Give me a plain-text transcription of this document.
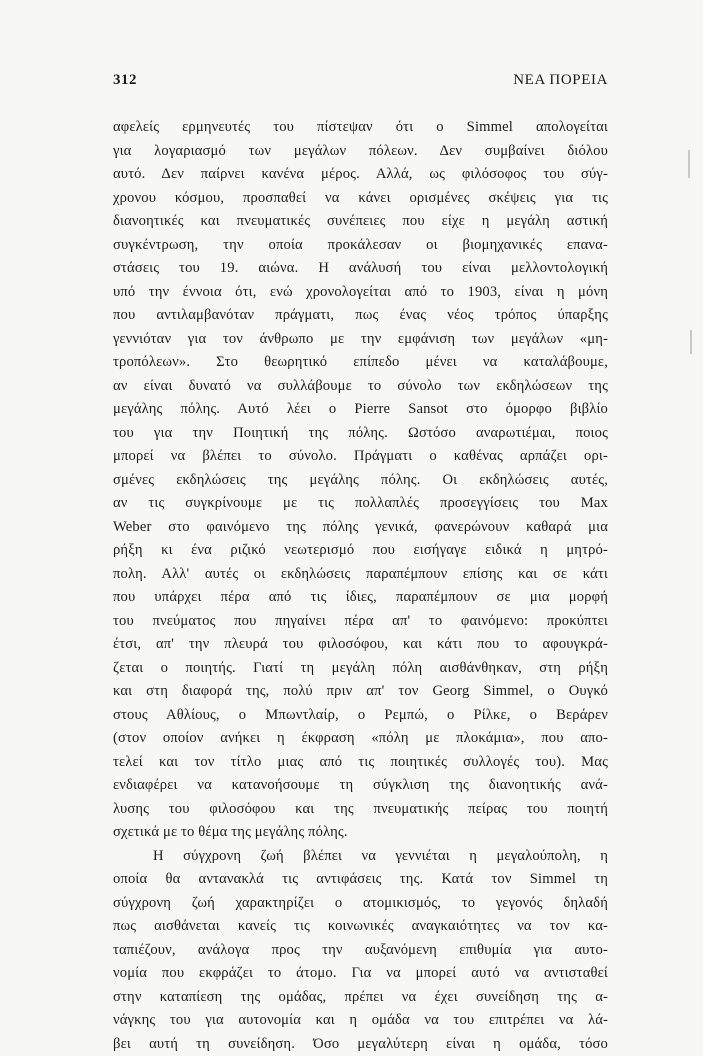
312	ΝΕΑ ΠΟΡΕΙΑ
αφελείς ερμηνευτές του πίστεψαν ότι ο Simmel απολογείται
για λογαριασμό των μεγάλων πόλεων. Δεν συμβαίνει διόλου
αυτό. Δεν παίρνει κανένα μέρος. Αλλά, ως φιλόσοφος του σύγ-
χρονου κόσμου, προσπαθεί να κάνει ορισμένες σκέψεις για τις
διανοητικές και πνευματικές συνέπειες που είχε η μεγάλη αστική
συγκέντρωση, την οποία προκάλεσαν οι βιομηχανικές επανα-
στάσεις του 19. αιώνα. Η ανάλυσή του είναι μελλοντολογική
υπό την έννοια ότι, ενώ χρονολογείται από το 1903, είναι η μόνη
που αντιλαμβανόταν πράγματι, πως ένας νέος τρόπος ύπαρξης
γεννιόταν για τον άνθρωπο με την εμφάνιση των μεγάλων «μη-
τροπόλεων». Στο θεωρητικό επίπεδο μένει να καταλάβουμε,
αν είναι δυνατό να συλλάβουμε το σύνολο των εκδηλώσεων της
μεγάλης πόλης. Αυτό λέει ο Pierre Sansot στο όμορφο βιβλίο
του για την Ποιητική της πόλης. Ωστόσο αναρωτιέμαι, ποιος
μπορεί να βλέπει το σύνολο. Πράγματι ο καθένας αρπάζει ορι-
σμένες εκδηλώσεις της μεγάλης πόλης. Οι εκδηλώσεις αυτές,
αν τις συγκρίνουμε με τις πολλαπλές προσεγγίσεις του Max
Weber στο φαινόμενο της πόλης γενικά, φανερώνουν καθαρά μια
ρήξη κι ένα ριζικό νεωτερισμό που εισήγαγε ειδικά η μητρό-
πολη. Αλλ' αυτές οι εκδηλώσεις παραπέμπουν επίσης και σε κάτι
που υπάρχει πέρα από τις ίδιες, παραπέμπουν σε μια μορφή
του πνεύματος που πηγαίνει πέρα απ' το φαινόμενο: προκύπτει
έτσι, απ' την πλευρά του φιλοσόφου, και κάτι που το αφουγκρά-
ζεται ο ποιητής. Γιατί τη μεγάλη πόλη αισθάνθηκαν, στη ρήξη
και στη διαφορά της, πολύ πριν απ' τον Georg Simmel, ο Ουγκό
στους Αθλίους, ο Μπωντλαίρ, ο Ρεμπώ, ο Ρίλκε, ο Βεράρεν
(στον οποίον ανήκει η έκφραση «πόλη με πλοκάμια», που απο-
τελεί και τον τίτλο μιας από τις ποιητικές συλλογές του). Μας
ενδιαφέρει να κατανοήσουμε τη σύγκλιση της διανοητικής ανά-
λυσης του φιλοσόφου και της πνευματικής πείρας του ποιητή
σχετικά με το θέμα της μεγάλης πόλης.
Η σύγχρονη ζωή βλέπει να γεννιέται η μεγαλούπολη, η
οποία θα αντανακλά τις αντιφάσεις της. Κατά τον Simmel τη
σύγχρονη ζωή χαρακτηρίζει ο ατομικισμός, το γεγονός δηλαδή
πως αισθάνεται κανείς τις κοινωνικές αναγκαιότητες να τον κα-
ταπιέζουν, ανάλογα προς την αυξανόμενη επιθυμία για αυτο-
νομία που εκφράζει το άτομο. Για να μπορεί αυτό να αντισταθεί
στην καταπίεση της ομάδας, πρέπει να έχει συνείδηση της α-
νάγκης του για αυτονομία και η ομάδα να του επιτρέπει να λά-
βει αυτή τη συνείδηση. Όσο μεγαλύτερη είναι η ομάδα, τόσο
